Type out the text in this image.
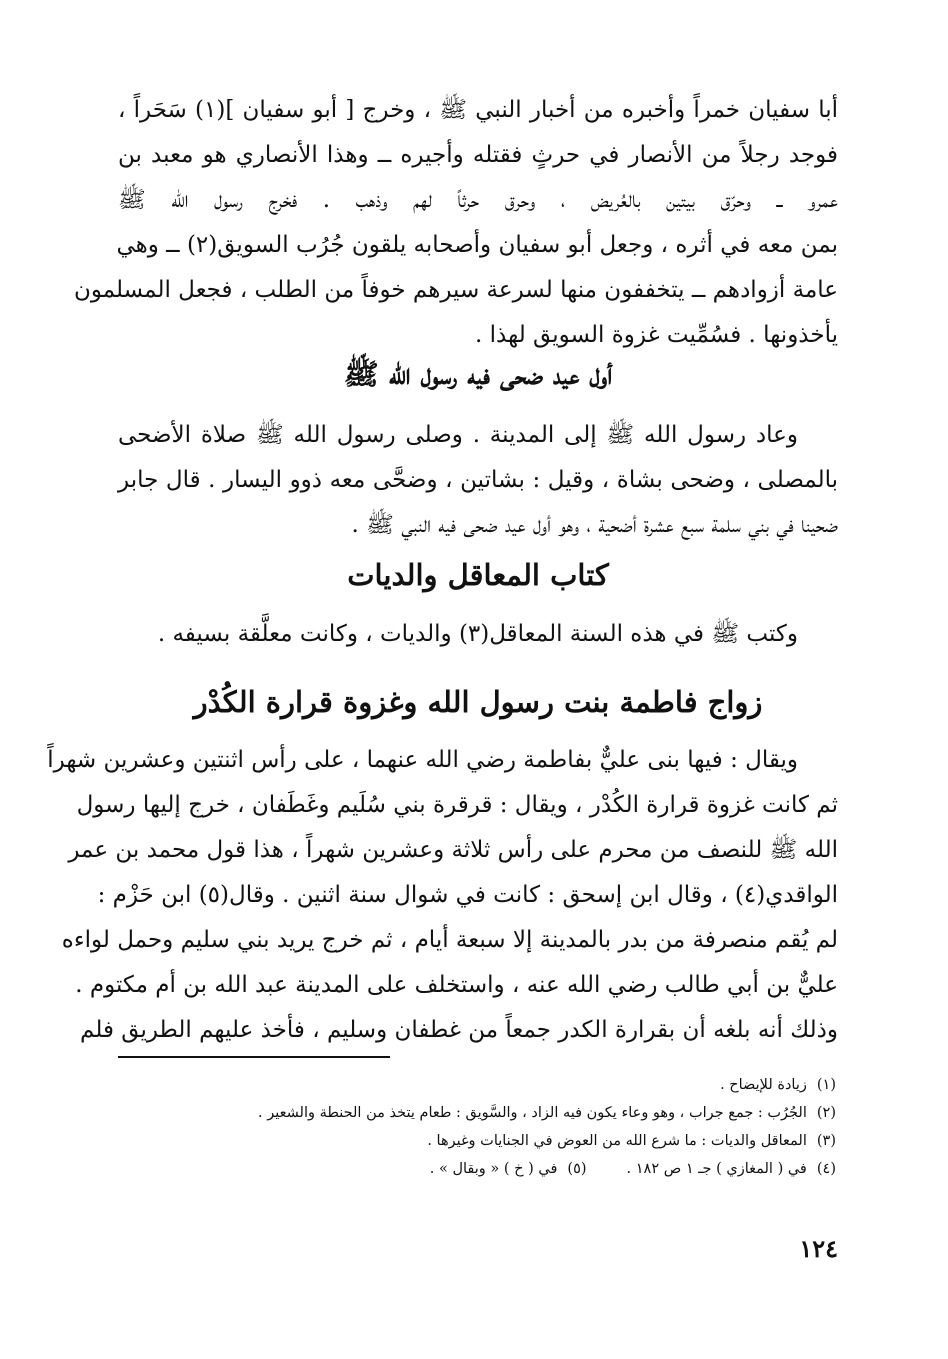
أبا سفيان خمراً وأخبره من أخبار النبي ﷺ ، وخرج [ أبو سفيان ](١) سَحَراً ،
فوجد رجلاً من الأنصار في حرثٍ فقتله وأجيره ــ وهذا الأنصاري هو معبد بن
عمرو ــ وحرّق بيتين بالعُريض ، وحرق حرثاً لهم وذهب . فخرج رسول الله ﷺ
بمن معه في أثره ، وجعل أبو سفيان وأصحابه يلقون جُرُب السويق(٢) ــ وهي
عامة أزوادهم ــ يتخففون منها لسرعة سيرهم خوفاً من الطلب ، فجعل المسلمون
يأخذونها . فسُمِّيت غزوة السويق لهذا .
أول عيد ضحى فيه رسول الله ﷺ
وعاد رسول الله ﷺ إلى المدينة . وصلى رسول الله ﷺ صلاة الأضحى
بالمصلى ، وضحى بشاة ، وقيل : بشاتين ، وضحَّى معه ذوو اليسار . قال جابر
ضحينا في بني سلمة سبع عشرة أضحية ، وهو أول عيد ضحى فيه النبي ﷺ .
كتاب المعاقل والديات
وكتب ﷺ في هذه السنة المعاقل(٣) والديات ، وكانت معلَّقة بسيفه .
زواج فاطمة بنت رسول الله وغزوة قرارة الكُدْر
ويقال : فيها بنى عليٌّ بفاطمة رضي الله عنهما ، على رأس اثنتين وعشرين شهراً
ثم كانت غزوة قرارة الكُدْر ، ويقال : قرقرة بني سُلَيم وغَطَفان ، خرج إليها رسول
الله ﷺ للنصف من محرم على رأس ثلاثة وعشرين شهراً ، هذا قول محمد بن عمر
الواقدي(٤) ، وقال ابن إسحق : كانت في شوال سنة اثنين . وقال(٥) ابن حَزْم :
لم يُقم منصرفة من بدر بالمدينة إلا سبعة أيام ، ثم خرج يريد بني سليم وحمل لواءه
عليٌّ بن أبي طالب رضي الله عنه ، واستخلف على المدينة عبد الله بن أم مكتوم .
وذلك أنه بلغه أن بقرارة الكدر جمعاً من غطفان وسليم ، فأخذ عليهم الطريق فلم
(١)زيادة للإيضاح .
(٢)الجُرُب : جمع جراب ، وهو وعاء يكون فيه الزاد ، والسَّويق : طعام يتخذ من الحنطة والشعير .
(٣)المعاقل والديات : ما شرع الله من العوض في الجنايات وغيرها .
(٤)في ( المغازي ) جـ ١ ص ١٨٢ .(٥)في ( خ ) « وبقال » .
١٢٤
